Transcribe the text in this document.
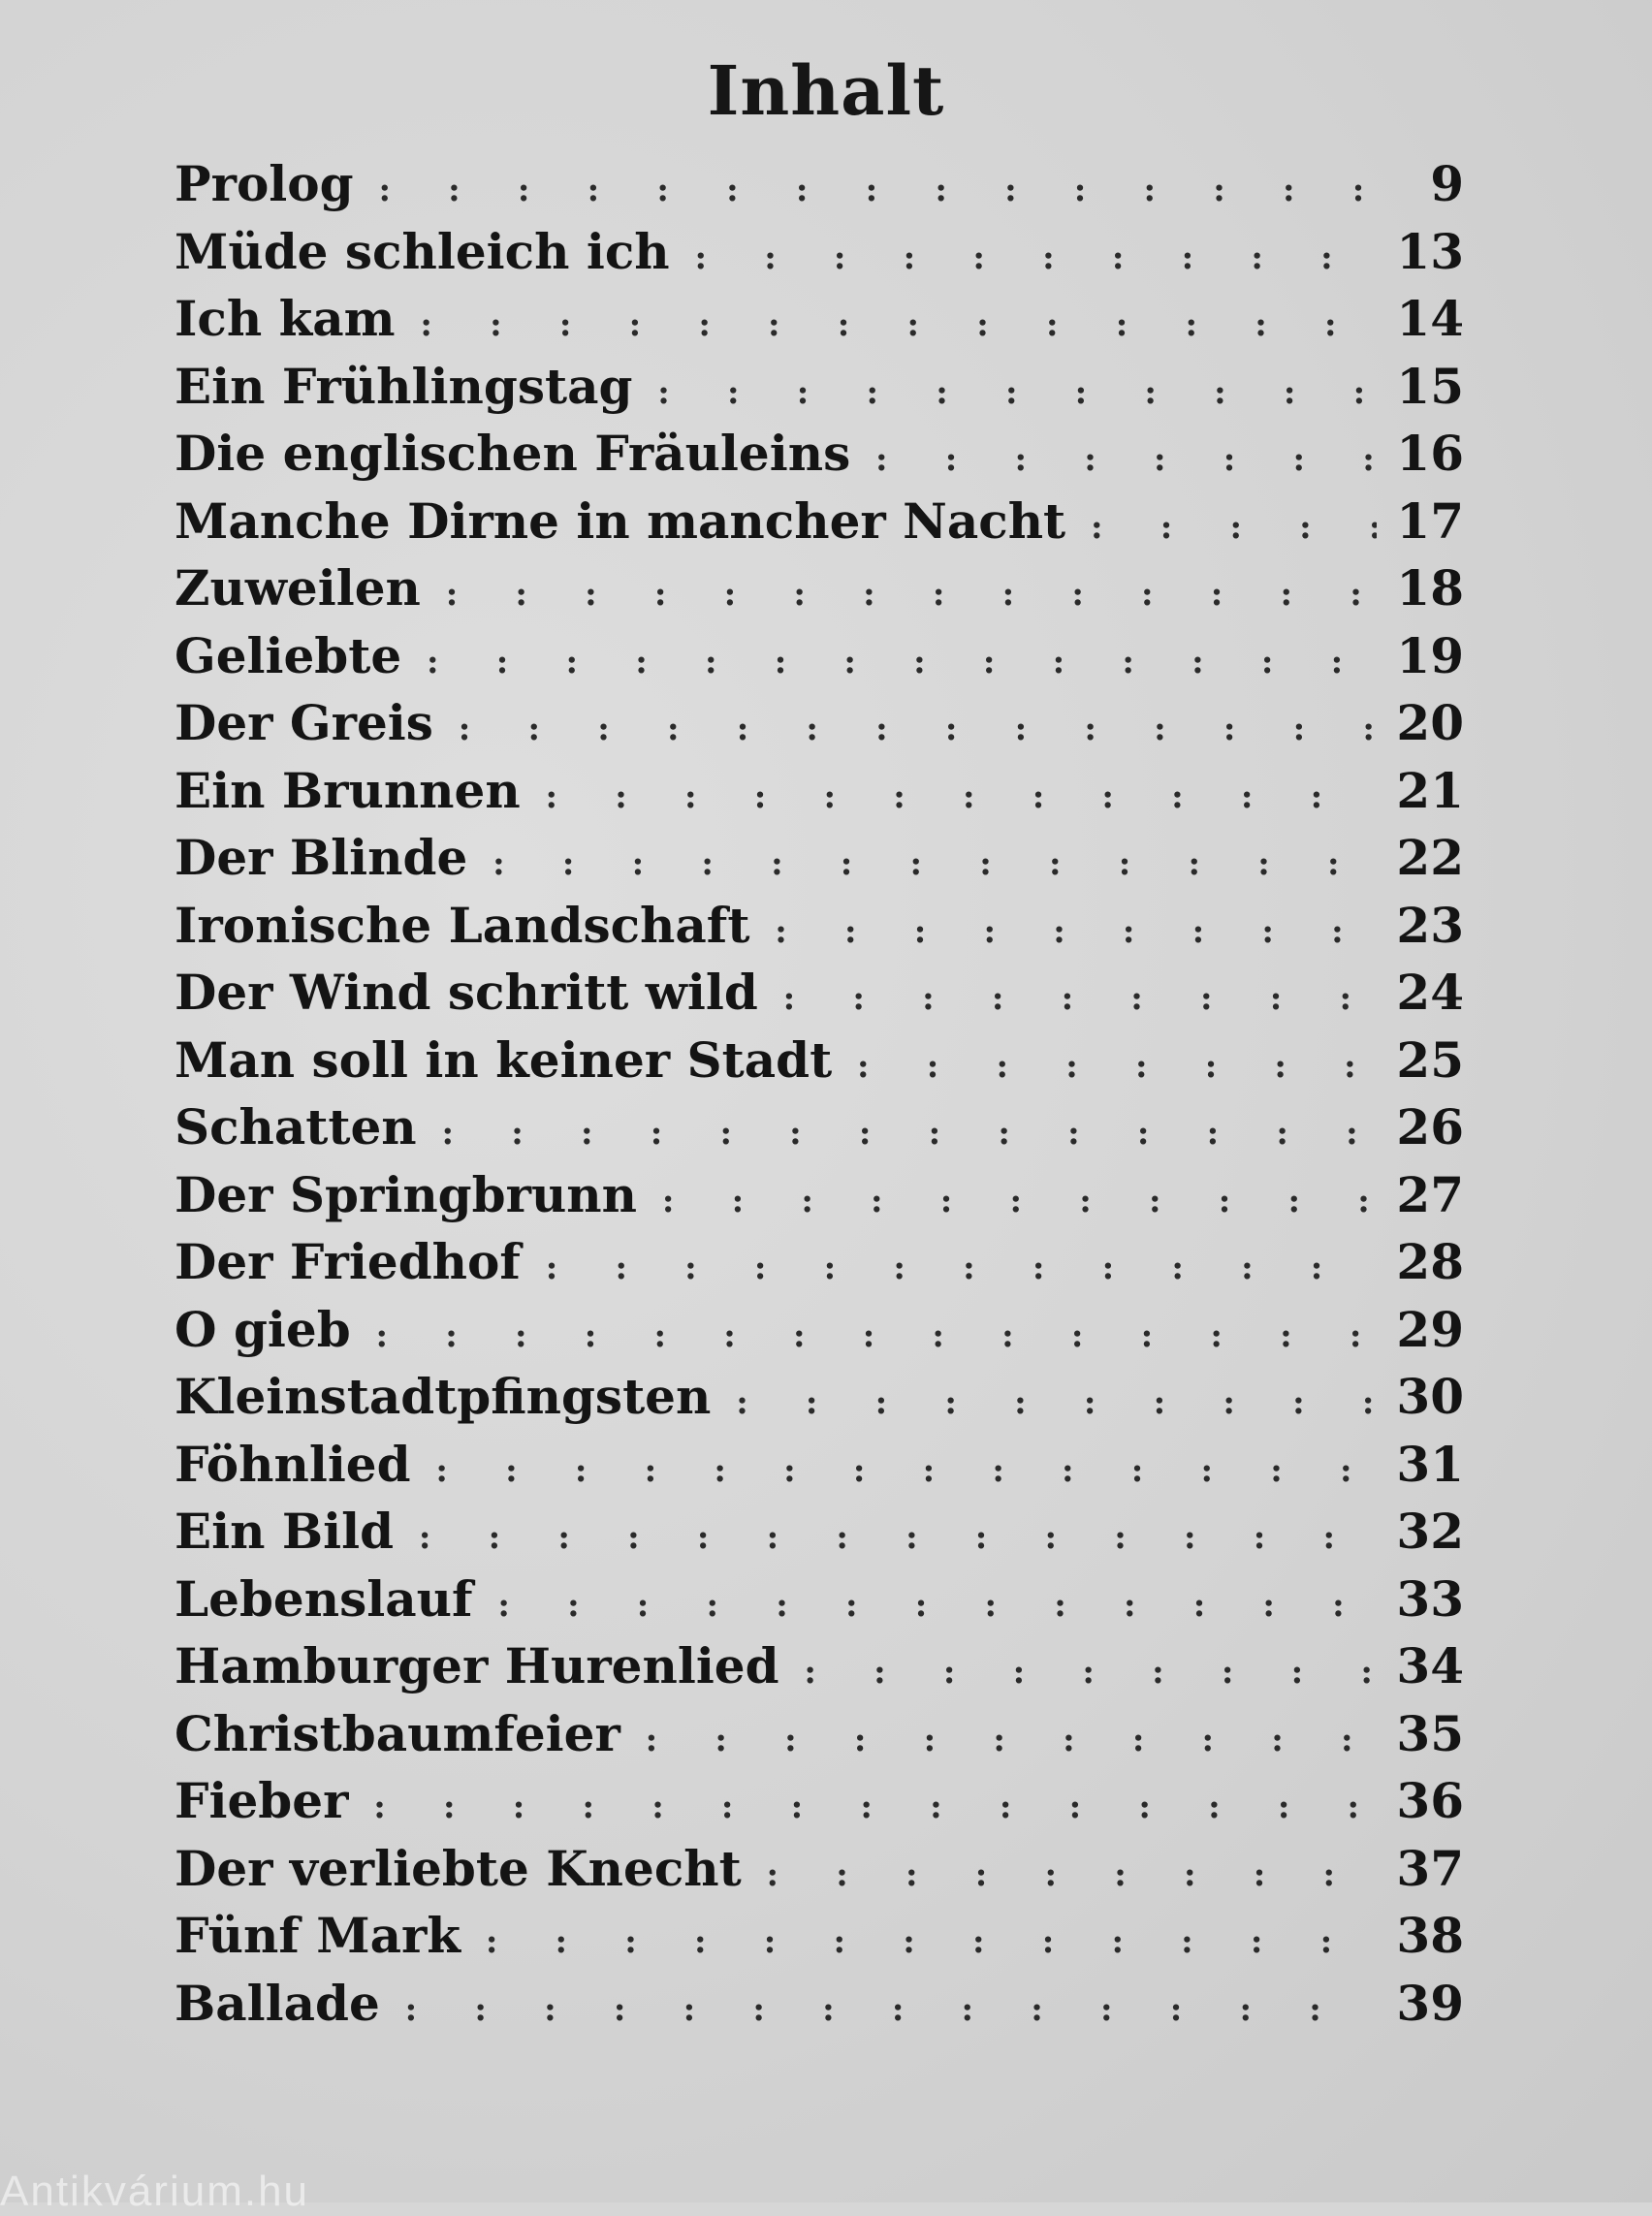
Inhalt
Prolog :     :     :     :     :     :     :     :     :     :     :     :     :     :     :     :     :     :     :	9
Müde schleich ich :     :     :     :     :     :     :     :     :     :     :     :     :     :     :     :     :     :     :	13
Ich kam :     :     :     :     :     :     :     :     :     :     :     :     :     :     :     :     :     :     :	14
Ein Frühlingstag :     :     :     :     :     :     :     :     :     :     :     :     :     :     :     :     :     :     :	15
Die englischen Fräuleins :     :     :     :     :     :     :     :     :     :     :     :     :     :     :     :     :     :     :	16
Manche Dirne in mancher Nacht :     :     :     :     :     :     :     :     :     :     :     :     :     :     :     :     :     :     :	17
Zuweilen :     :     :     :     :     :     :     :     :     :     :     :     :     :     :     :     :     :     :	18
Geliebte :     :     :     :     :     :     :     :     :     :     :     :     :     :     :     :     :     :     :	19
Der Greis :     :     :     :     :     :     :     :     :     :     :     :     :     :     :     :     :     :     :	20
Ein Brunnen :     :     :     :     :     :     :     :     :     :     :     :     :     :     :     :     :     :     :	21
Der Blinde :     :     :     :     :     :     :     :     :     :     :     :     :     :     :     :     :     :     :	22
Ironische Landschaft :     :     :     :     :     :     :     :     :     :     :     :     :     :     :     :     :     :     :	23
Der Wind schritt wild :     :     :     :     :     :     :     :     :     :     :     :     :     :     :     :     :     :     :	24
Man soll in keiner Stadt :     :     :     :     :     :     :     :     :     :     :     :     :     :     :     :     :     :     :	25
Schatten :     :     :     :     :     :     :     :     :     :     :     :     :     :     :     :     :     :     :	26
Der Springbrunn :     :     :     :     :     :     :     :     :     :     :     :     :     :     :     :     :     :     :	27
Der Friedhof :     :     :     :     :     :     :     :     :     :     :     :     :     :     :     :     :     :     :	28
O gieb :     :     :     :     :     :     :     :     :     :     :     :     :     :     :     :     :     :     :	29
Kleinstadtpfingsten :     :     :     :     :     :     :     :     :     :     :     :     :     :     :     :     :     :     :	30
Föhnlied :     :     :     :     :     :     :     :     :     :     :     :     :     :     :     :     :     :     :	31
Ein Bild :     :     :     :     :     :     :     :     :     :     :     :     :     :     :     :     :     :     :	32
Lebenslauf :     :     :     :     :     :     :     :     :     :     :     :     :     :     :     :     :     :     :	33
Hamburger Hurenlied :     :     :     :     :     :     :     :     :     :     :     :     :     :     :     :     :     :     :	34
Christbaumfeier :     :     :     :     :     :     :     :     :     :     :     :     :     :     :     :     :     :     :	35
Fieber :     :     :     :     :     :     :     :     :     :     :     :     :     :     :     :     :     :     :	36
Der verliebte Knecht :     :     :     :     :     :     :     :     :     :     :     :     :     :     :     :     :     :     :	37
Fünf Mark :     :     :     :     :     :     :     :     :     :     :     :     :     :     :     :     :     :     :	38
Ballade :     :     :     :     :     :     :     :     :     :     :     :     :     :     :     :     :     :     :	39
Antikvárium.hu
